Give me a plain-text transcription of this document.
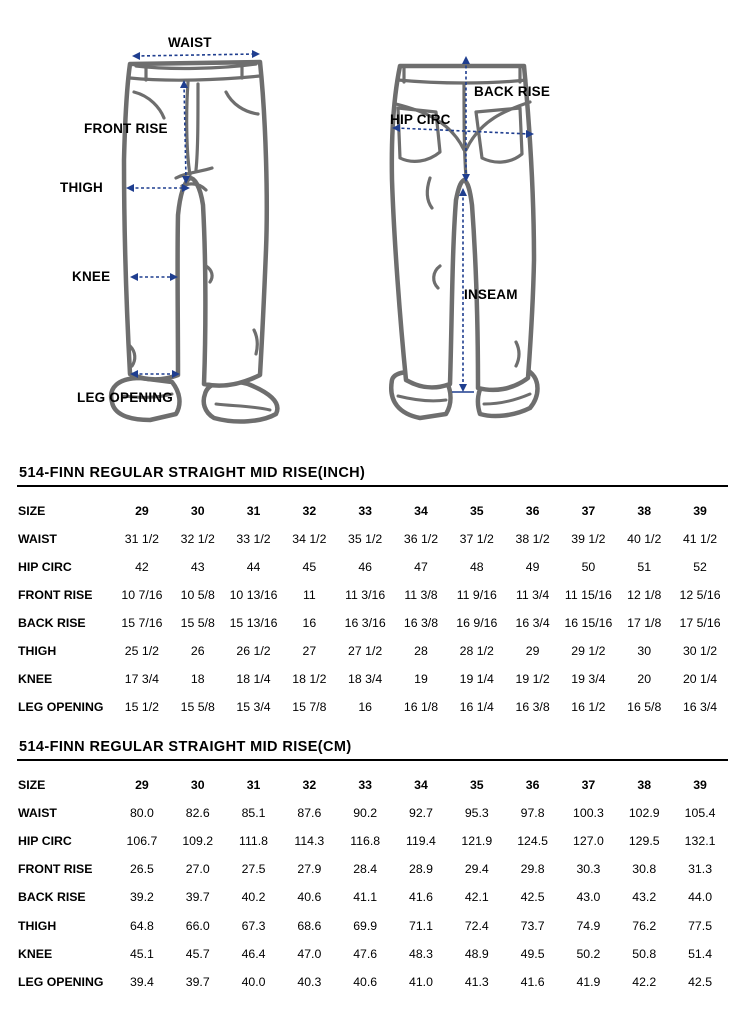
WAIST
FRONT RISE
THIGH
KNEE
LEG OPENING
BACK RISE
HIP CIRC
INSEAM
514-FINN REGULAR STRAIGHT MID RISE(INCH)
SIZE	29	30	31	32	33	34	35	36	37	38	39
WAIST	31 1/2	32 1/2	33 1/2	34 1/2	35 1/2	36 1/2	37 1/2	38 1/2	39 1/2	40 1/2	41 1/2
HIP CIRC	42	43	44	45	46	47	48	49	50	51	52
FRONT RISE	10 7/16	10 5/8	10 13/16	11	11 3/16	11 3/8	11 9/16	11 3/4	11 15/16	12 1/8	12 5/16
BACK RISE	15 7/16	15 5/8	15 13/16	16	16 3/16	16 3/8	16 9/16	16 3/4	16 15/16	17 1/8	17 5/16
THIGH	25 1/2	26	26 1/2	27	27 1/2	28	28 1/2	29	29 1/2	30	30 1/2
KNEE	17 3/4	18	18 1/4	18 1/2	18 3/4	19	19 1/4	19 1/2	19 3/4	20	20 1/4
LEG OPENING	15 1/2	15 5/8	15 3/4	15 7/8	16	16 1/8	16 1/4	16 3/8	16 1/2	16 5/8	16 3/4
514-FINN REGULAR STRAIGHT MID RISE(CM)
SIZE	29	30	31	32	33	34	35	36	37	38	39
WAIST	80.0	82.6	85.1	87.6	90.2	92.7	95.3	97.8	100.3	102.9	105.4
HIP CIRC	106.7	109.2	111.8	114.3	116.8	119.4	121.9	124.5	127.0	129.5	132.1
FRONT RISE	26.5	27.0	27.5	27.9	28.4	28.9	29.4	29.8	30.3	30.8	31.3
BACK RISE	39.2	39.7	40.2	40.6	41.1	41.6	42.1	42.5	43.0	43.2	44.0
THIGH	64.8	66.0	67.3	68.6	69.9	71.1	72.4	73.7	74.9	76.2	77.5
KNEE	45.1	45.7	46.4	47.0	47.6	48.3	48.9	49.5	50.2	50.8	51.4
LEG OPENING	39.4	39.7	40.0	40.3	40.6	41.0	41.3	41.6	41.9	42.2	42.5
